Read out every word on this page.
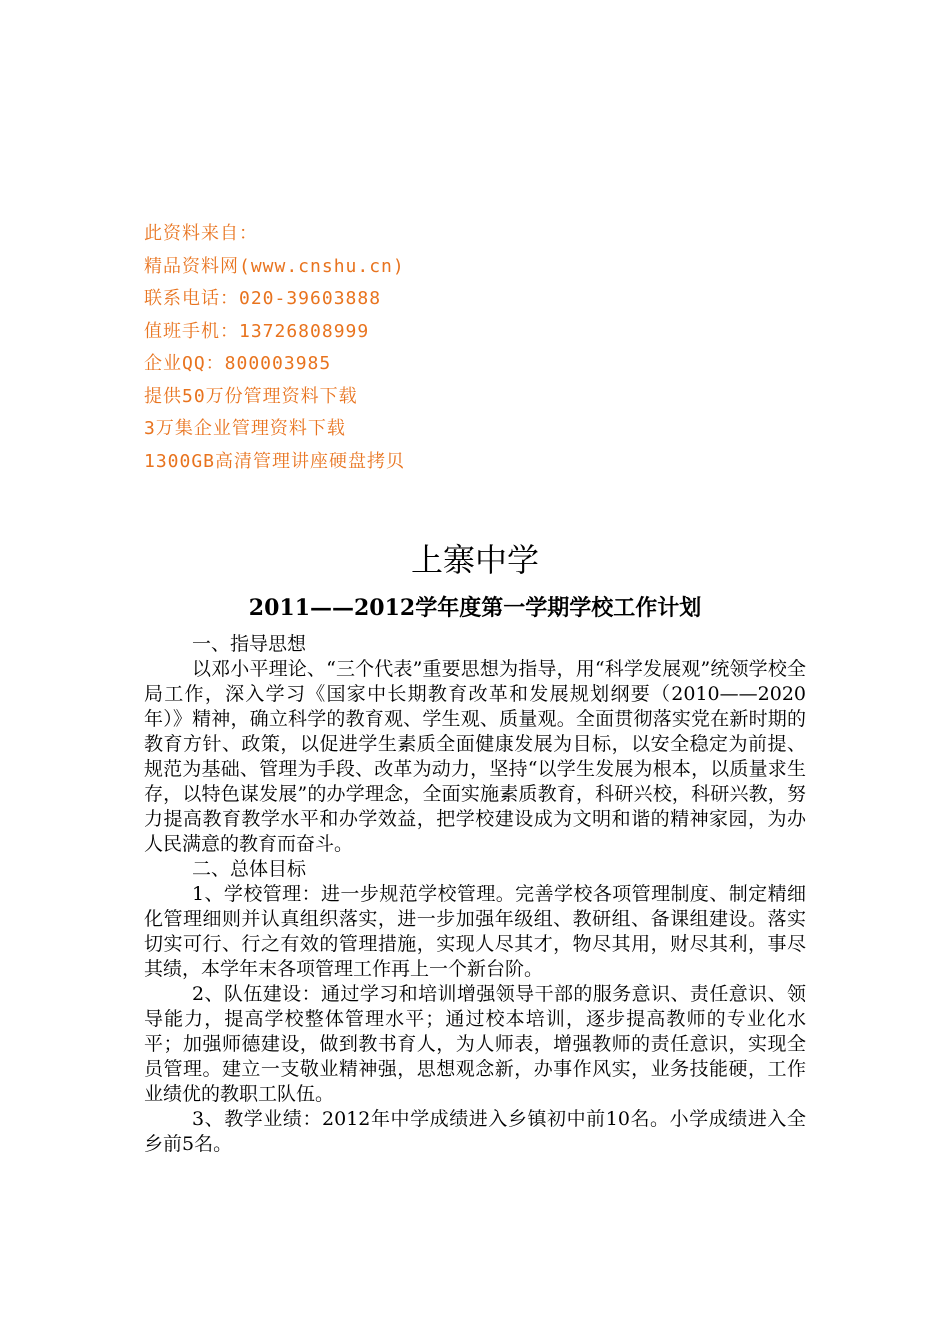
此资料来自：
精品资料网(www.cnshu.cn)
联系电话：020-39603888
值班手机：13726808999
企业QQ：800003985
提供50万份管理资料下载
3万集企业管理资料下载
1300GB高清管理讲座硬盘拷贝
上寨中学
2011——2012学年度第一学期学校工作计划

一、指导思想

以邓小平理论、“三个代表”重要思想为指导，用“科学发展观”统领学校全局工作，深入学习《国家中长期教育改革和发展规划纲要（2010——2020年）》精神，确立科学的教育观、学生观、质量观。全面贯彻落实党在新时期的教育方针、政策，以促进学生素质全面健康发展为目标，以安全稳定为前提、规范为基础、管理为手段、改革为动力，坚持“以学生发展为根本，以质量求生存，以特色谋发展”的办学理念，全面实施素质教育，科研兴校，科研兴教，努力提高教育教学水平和办学效益，把学校建设成为文明和谐的精神家园，为办人民满意的教育而奋斗。

二、总体目标

1、学校管理：进一步规范学校管理。完善学校各项管理制度、制定精细化管理细则并认真组织落实，进一步加强年级组、教研组、备课组建设。落实切实可行、行之有效的管理措施，实现人尽其才，物尽其用，财尽其利，事尽其绩，本学年末各项管理工作再上一个新台阶。

2、队伍建设：通过学习和培训增强领导干部的服务意识、责任意识、领导能力，提高学校整体管理水平；通过校本培训，逐步提高教师的专业化水平；加强师德建设，做到教书育人，为人师表，增强教师的责任意识，实现全员管理。建立一支敬业精神强，思想观念新，办事作风实，业务技能硬，工作业绩优的教职工队伍。

3、教学业绩：2012年中学成绩进入乡镇初中前10名。小学成绩进入全乡前5名。
